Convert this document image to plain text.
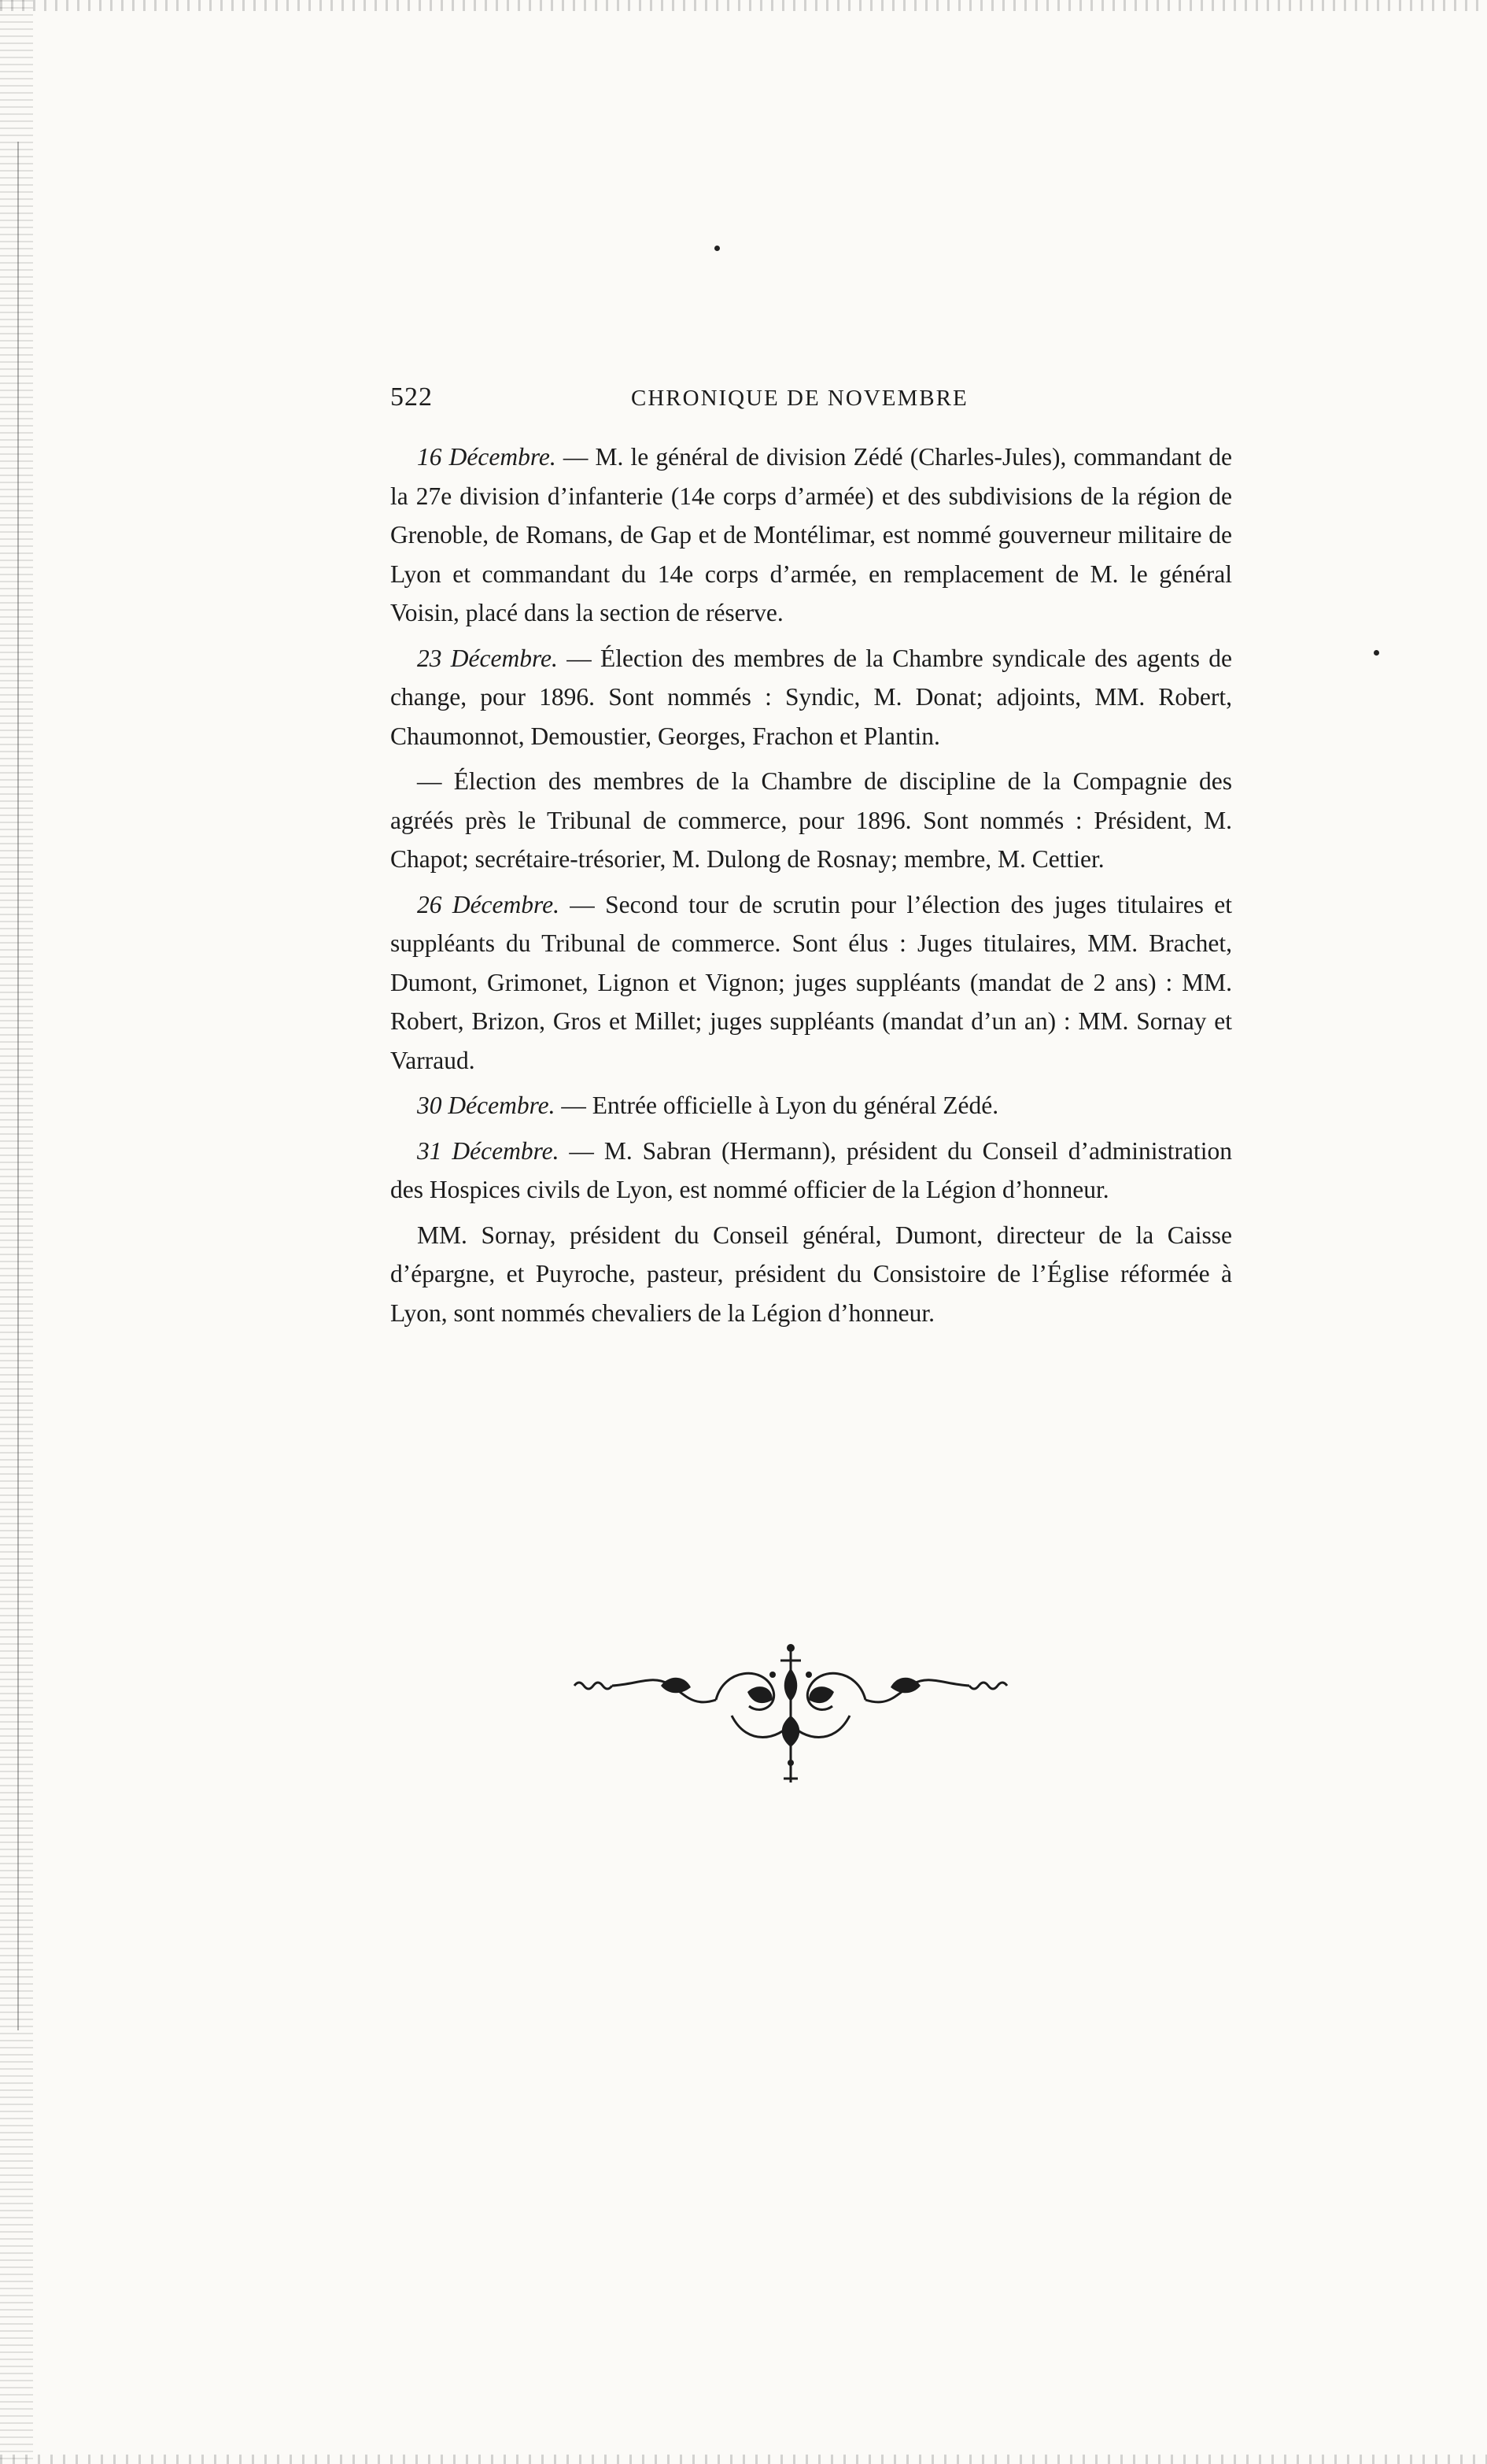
522	CHRONIQUE DE NOVEMBRE

16 Décembre. — M. le général de division Zédé (Charles-Jules), commandant de la 27e division d’infanterie (14e corps d’armée) et des subdivisions de la région de Grenoble, de Romans, de Gap et de Montélimar, est nommé gouverneur militaire de Lyon et commandant du 14e corps d’armée, en remplacement de M. le général Voisin, placé dans la section de réserve.

23 Décembre. — Élection des membres de la Chambre syndicale des agents de change, pour 1896. Sont nommés : Syndic, M. Donat; adjoints, MM. Robert, Chaumonnot, Demoustier, Georges, Frachon et Plantin.

— Élection des membres de la Chambre de discipline de la Compagnie des agréés près le Tribunal de commerce, pour 1896. Sont nommés : Président, M. Chapot; secrétaire-trésorier, M. Dulong de Rosnay; membre, M. Cettier.

26 Décembre. — Second tour de scrutin pour l’élection des juges titulaires et suppléants du Tribunal de commerce. Sont élus : Juges titulaires, MM. Brachet, Dumont, Grimonet, Lignon et Vignon; juges suppléants (mandat de 2 ans) : MM. Robert, Brizon, Gros et Millet; juges suppléants (mandat d’un an) : MM. Sornay et Varraud.

30 Décembre. — Entrée officielle à Lyon du général Zédé.

31 Décembre. — M. Sabran (Hermann), président du Conseil d’administration des Hospices civils de Lyon, est nommé officier de la Légion d’honneur.

MM. Sornay, président du Conseil général, Dumont, directeur de la Caisse d’épargne, et Puyroche, pasteur, président du Consistoire de l’Église réformée à Lyon, sont nommés chevaliers de la Légion d’honneur.
